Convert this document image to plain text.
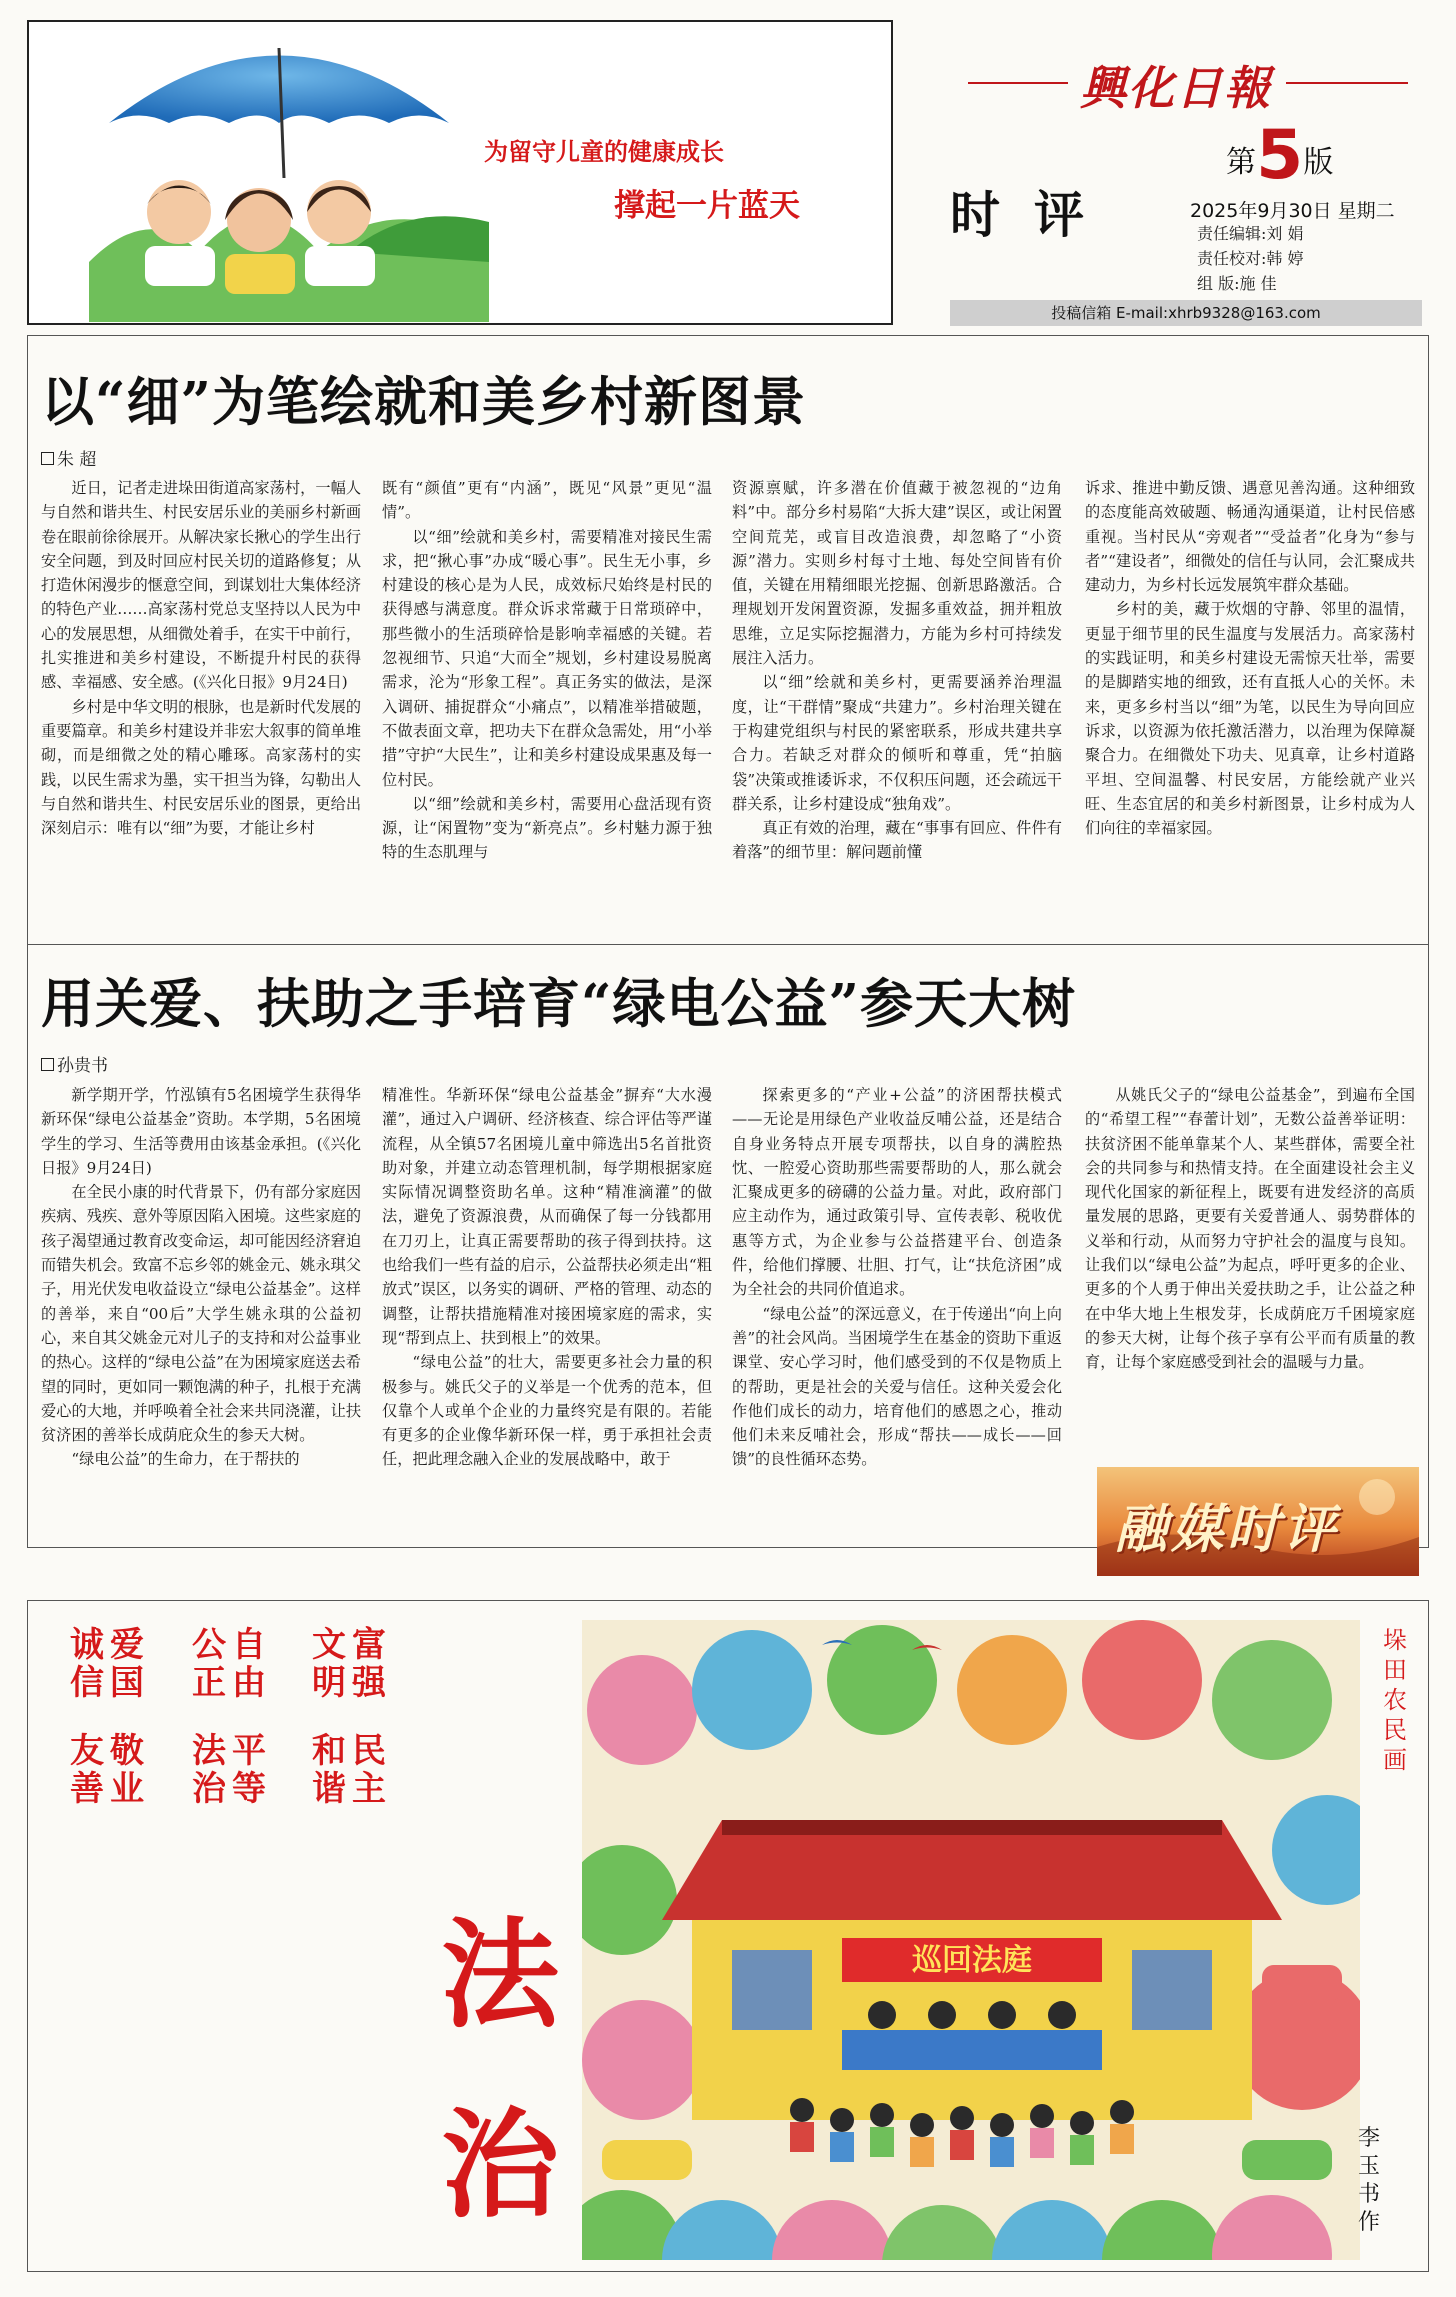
为留守儿童的健康成长
撑起一片蓝天
興化日報
第5版
时评	2025年9月30日 星期二
责任编辑:刘 娟
责任校对:韩 婷
组 版:施 佳
投稿信箱 E-mail:xhrb9328@163.com
以“细”为笔绘就和美乡村新图景
朱 超

近日，记者走进垛田街道高家荡村，一幅人与自然和谐共生、村民安居乐业的美丽乡村新画卷在眼前徐徐展开。从解决家长揪心的学生出行安全问题，到及时回应村民关切的道路修复；从打造休闲漫步的惬意空间，到谋划壮大集体经济的特色产业……高家荡村党总支坚持以人民为中心的发展思想，从细微处着手，在实干中前行，扎实推进和美乡村建设，不断提升村民的获得感、幸福感、安全感。(《兴化日报》9月24日)

乡村是中华文明的根脉，也是新时代发展的重要篇章。和美乡村建设并非宏大叙事的简单堆砌，而是细微之处的精心雕琢。高家荡村的实践，以民生需求为墨，实干担当为锋，勾勒出人与自然和谐共生、村民安居乐业的图景，更给出深刻启示：唯有以“细”为要，才能让乡村

既有“颜值”更有“内涵”，既见“风景”更见“温情”。

以“细”绘就和美乡村，需要精准对接民生需求，把“揪心事”办成“暖心事”。民生无小事，乡村建设的核心是为人民，成效标尺始终是村民的获得感与满意度。群众诉求常藏于日常琐碎中，那些微小的生活琐碎恰是影响幸福感的关键。若忽视细节、只追“大而全”规划，乡村建设易脱离需求，沦为“形象工程”。真正务实的做法，是深入调研、捕捉群众“小痛点”，以精准举措破题，不做表面文章，把功夫下在群众急需处，用“小举措”守护“大民生”，让和美乡村建设成果惠及每一位村民。

以“细”绘就和美乡村，需要用心盘活现有资源，让“闲置物”变为“新亮点”。乡村魅力源于独特的生态肌理与

资源禀赋，许多潜在价值藏于被忽视的“边角料”中。部分乡村易陷“大拆大建”误区，或让闲置空间荒芜，或盲目改造浪费，却忽略了“小资源”潜力。实则乡村每寸土地、每处空间皆有价值，关键在用精细眼光挖掘、创新思路激活。合理规划开发闲置资源，发掘多重效益，拥并粗放思维，立足实际挖掘潜力，方能为乡村可持续发展注入活力。

以“细”绘就和美乡村，更需要涵养治理温度，让“干群情”聚成“共建力”。乡村治理关键在于构建党组织与村民的紧密联系，形成共建共享合力。若缺乏对群众的倾听和尊重，凭“拍脑袋”决策或推诿诉求，不仅积压问题，还会疏远干群关系，让乡村建设成“独角戏”。

真正有效的治理，藏在“事事有回应、件件有着落”的细节里：解问题前懂

诉求、推进中勤反馈、遇意见善沟通。这种细致的态度能高效破题、畅通沟通渠道，让村民倍感重视。当村民从“旁观者”“受益者”化身为“参与者”“建设者”，细微处的信任与认同，会汇聚成共建动力，为乡村长远发展筑牢群众基础。

乡村的美，藏于炊烟的守静、邻里的温情，更显于细节里的民生温度与发展活力。高家荡村的实践证明，和美乡村建设无需惊天壮举，需要的是脚踏实地的细致，还有直抵人心的关怀。未来，更多乡村当以“细”为笔，以民生为导向回应诉求，以资源为依托激活潜力，以治理为保障凝聚合力。在细微处下功夫、见真章，让乡村道路平坦、空间温馨、村民安居，方能绘就产业兴旺、生态宜居的和美乡村新图景，让乡村成为人们向往的幸福家园。

用关爱、扶助之手培育“绿电公益”参天大树
孙贵书

新学期开学，竹泓镇有5名困境学生获得华新环保“绿电公益基金”资助。本学期，5名困境学生的学习、生活等费用由该基金承担。(《兴化日报》9月24日)

在全民小康的时代背景下，仍有部分家庭因疾病、残疾、意外等原因陷入困境。这些家庭的孩子渴望通过教育改变命运，却可能因经济窘迫而错失机会。致富不忘乡邻的姚金元、姚永琪父子，用光伏发电收益设立“绿电公益基金”。这样的善举，来自“00后”大学生姚永琪的公益初心，来自其父姚金元对儿子的支持和对公益事业的热心。这样的“绿电公益”在为困境家庭送去希望的同时，更如同一颗饱满的种子，扎根于充满爱心的大地，并呼唤着全社会来共同浇灌，让扶贫济困的善举长成荫庇众生的参天大树。

“绿电公益”的生命力，在于帮扶的

精准性。华新环保“绿电公益基金”摒弃“大水漫灌”，通过入户调研、经济核查、综合评估等严谨流程，从全镇57名困境儿童中筛选出5名首批资助对象，并建立动态管理机制，每学期根据家庭实际情况调整资助名单。这种“精准滴灌”的做法，避免了资源浪费，从而确保了每一分钱都用在刀刃上，让真正需要帮助的孩子得到扶持。这也给我们一些有益的启示，公益帮扶必须走出“粗放式”误区，以务实的调研、严格的管理、动态的调整，让帮扶措施精准对接困境家庭的需求，实现“帮到点上、扶到根上”的效果。

“绿电公益”的壮大，需要更多社会力量的积极参与。姚氏父子的义举是一个优秀的范本，但仅靠个人或单个企业的力量终究是有限的。若能有更多的企业像华新环保一样，勇于承担社会责任，把此理念融入企业的发展战略中，敢于

探索更多的“产业+公益”的济困帮扶模式——无论是用绿色产业收益反哺公益，还是结合自身业务特点开展专项帮扶，以自身的满腔热忱、一腔爱心资助那些需要帮助的人，那么就会汇聚成更多的磅礴的公益力量。对此，政府部门应主动作为，通过政策引导、宣传表彰、税收优惠等方式，为企业参与公益搭建平台、创造条件，给他们撑腰、壮胆、打气，让“扶危济困”成为全社会的共同价值追求。

“绿电公益”的深远意义，在于传递出“向上向善”的社会风尚。当困境学生在基金的资助下重返课堂、安心学习时，他们感受到的不仅是物质上的帮助，更是社会的关爱与信任。这种关爱会化作他们成长的动力，培育他们的感恩之心，推动他们未来反哺社会，形成“帮扶——成长——回馈”的良性循环态势。

从姚氏父子的“绿电公益基金”，到遍布全国的“希望工程”“春蕾计划”，无数公益善举证明：扶贫济困不能单靠某个人、某些群体，需要全社会的共同参与和热情支持。在全面建设社会主义现代化国家的新征程上，既要有进发经济的高质量发展的思路，更要有关爱普通人、弱势群体的义举和行动，从而努力守护社会的温度与良知。让我们以“绿电公益”为起点，呼吁更多的企业、更多的个人勇于伸出关爱扶助之手，让公益之种在中华大地上生根发芽，长成荫庇万千困境家庭的参天大树，让每个孩子享有公平而有质量的教育，让每个家庭感受到社会的温暖与力量。

融媒时评
诚 爱	公 自	文 富
信 国	正 由	明 强
友 敬	法 平	和 民
善 业	治 等	谐 主
法
治
巡回法庭
垛田农民画
李玉书作
